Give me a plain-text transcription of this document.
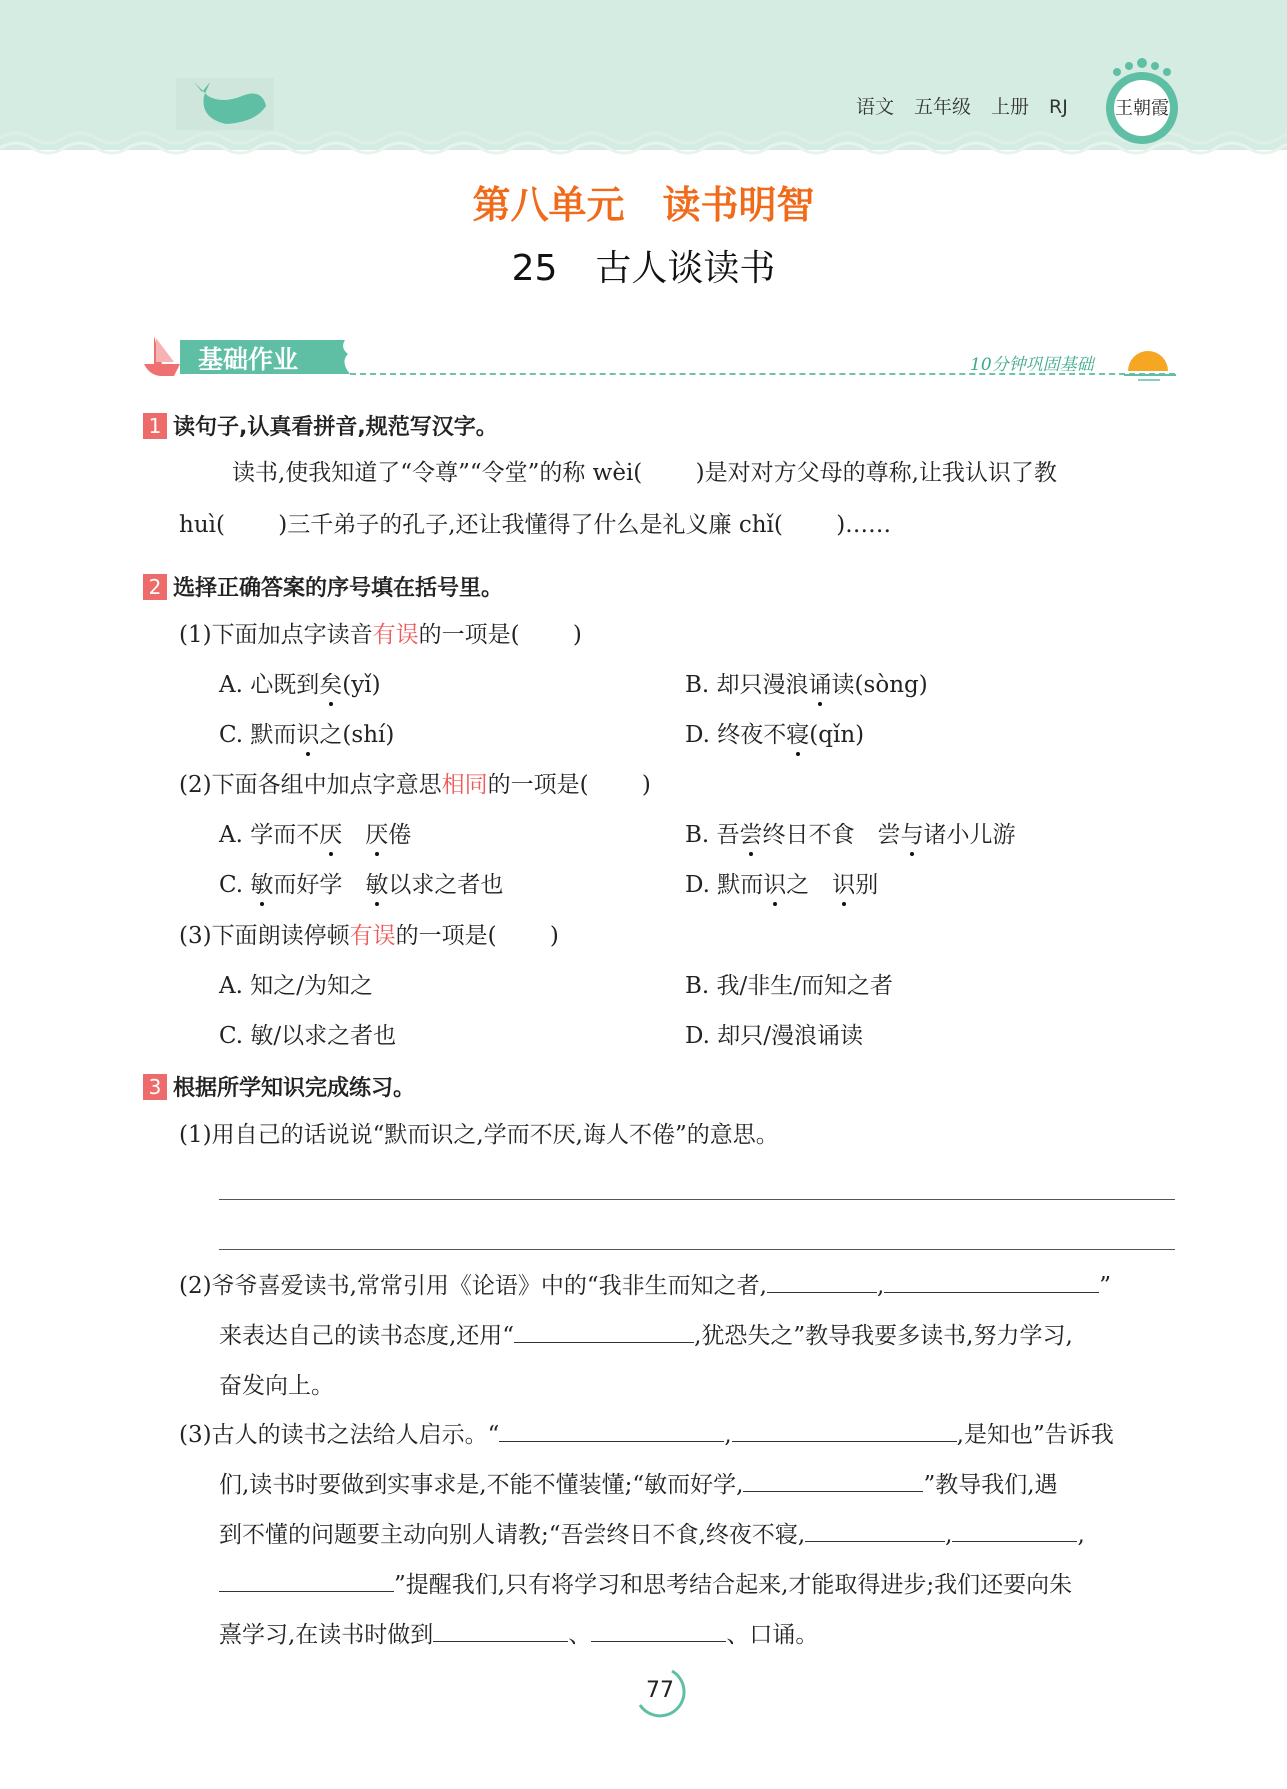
语文 五年级 上册 RJ	王朝霞
第八单元 读书明智
25 古人谈读书
基础作业	10分钟巩固基础
1 读句子,认真看拼音,规范写汉字。
读书,使我知道了“令尊”“令堂”的称 wèi(　　 )是对对方父母的尊称,让我认识了教
huì(　　 )三千弟子的孔子,还让我懂得了什么是礼义廉 chǐ(　　 )……
2 选择正确答案的序号填在括号里。
(1)下面加点字读音有误的一项是(　　 )
A. 心既到矣(yǐ)	B. 却只漫浪诵读(sòng)
C. 默而识之(shí)	D. 终夜不寝(qǐn)
(2)下面各组中加点字意思相同的一项是(　　 )
A. 学而不厌　 厌倦	B. 吾尝终日不食　 尝与诸小儿游
C. 敏而好学　 敏以求之者也	D. 默而识之　 识别
(3)下面朗读停顿有误的一项是(　　 )
A. 知之/为知之	B. 我/非生/而知之者
C. 敏/以求之者也	D. 却只/漫浪诵读
3 根据所学知识完成练习。
(1)用自己的话说说“默而识之,学而不厌,诲人不倦”的意思。
(2)爷爷喜爱读书,常常引用《论语》中的“我非生而知之者,	,	”
来表达自己的读书态度,还用“	,犹恐失之”教导我要多读书,努力学习,
奋发向上。
(3)古人的读书之法给人启示。“	,	,是知也”告诉我
们,读书时要做到实事求是,不能不懂装懂;“敏而好学,	”教导我们,遇
到不懂的问题要主动向别人请教;“吾尝终日不食,终夜不寝,	,	,
”提醒我们,只有将学习和思考结合起来,才能取得进步;我们还要向朱
熹学习,在读书时做到	、	、口诵。
77
